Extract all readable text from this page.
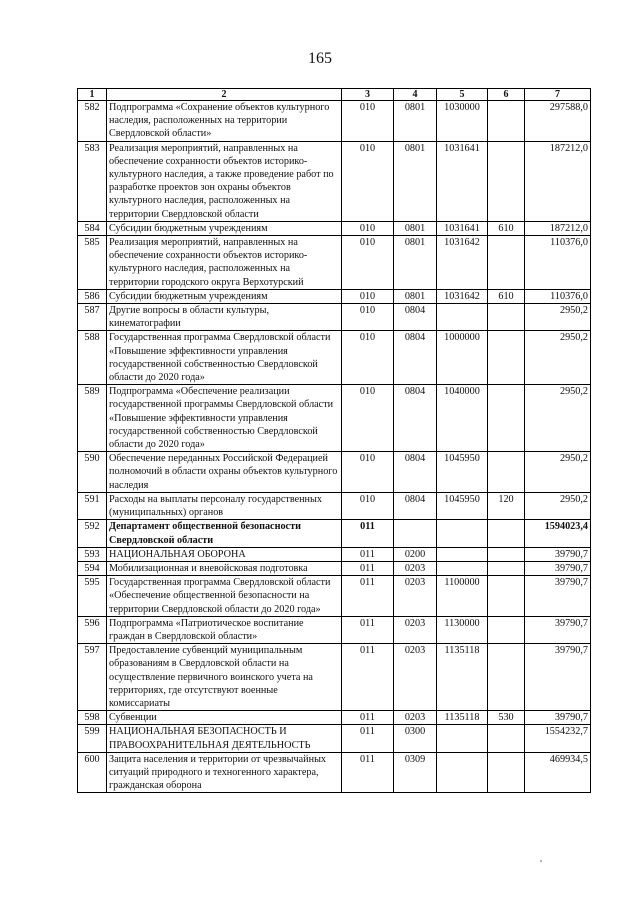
165
1	2	3	4	5	6	7
582	Подпрограмма «Сохранение объектов культурного наследия, расположенных на территории Свердловской области»	010	0801	1030000		297588,0
583	Реализация мероприятий, направленных на обеспечение сохранности объектов историко-культурного наследия, а также проведение работ по разработке проектов зон охраны объектов культурного наследия, расположенных на территории Свердловской области	010	0801	1031641		187212,0
584	Субсидии бюджетным учреждениям	010	0801	1031641	610	187212,0
585	Реализация мероприятий, направленных на обеспечение сохранности объектов историко-культурного наследия, расположенных на территории городского округа Верхотурский	010	0801	1031642		110376,0
586	Субсидии бюджетным учреждениям	010	0801	1031642	610	110376,0
587	Другие вопросы в области культуры, кинематографии	010	0804			2950,2
588	Государственная программа Свердловской области «Повышение эффективности управления государственной собственностью Свердловской области до 2020 года»	010	0804	1000000		2950,2
589	Подпрограмма «Обеспечение реализации государственной программы Свердловской области «Повышение эффективности управления государственной собственностью Свердловской области до 2020 года»	010	0804	1040000		2950,2
590	Обеспечение переданных Российской Федерацией полномочий в области охраны объектов культурного наследия	010	0804	1045950		2950,2
591	Расходы на выплаты персоналу государственных (муниципальных) органов	010	0804	1045950	120	2950,2
592	Департамент общественной безопасности Свердловской области	011				1594023,4
593	НАЦИОНАЛЬНАЯ ОБОРОНА	011	0200			39790,7
594	Мобилизационная и вневойсковая подготовка	011	0203			39790,7
595	Государственная программа Свердловской области «Обеспечение общественной безопасности на территории Свердловской области до 2020 года»	011	0203	1100000		39790,7
596	Подпрограмма «Патриотическое воспитание граждан в Свердловской области»	011	0203	1130000		39790,7
597	Предоставление субвенций муниципальным образованиям в Свердловской области на осуществление первичного воинского учета на территориях, где отсутствуют военные комиссариаты	011	0203	1135118		39790,7
598	Субвенции	011	0203	1135118	530	39790,7
599	НАЦИОНАЛЬНАЯ БЕЗОПАСНОСТЬ И ПРАВООХРАНИТЕЛЬНАЯ ДЕЯТЕЛЬНОСТЬ	011	0300			1554232,7
600	Защита населения и территории от чрезвычайных ситуаций природного и техногенного характера, гражданская оборона	011	0309			469934,5
